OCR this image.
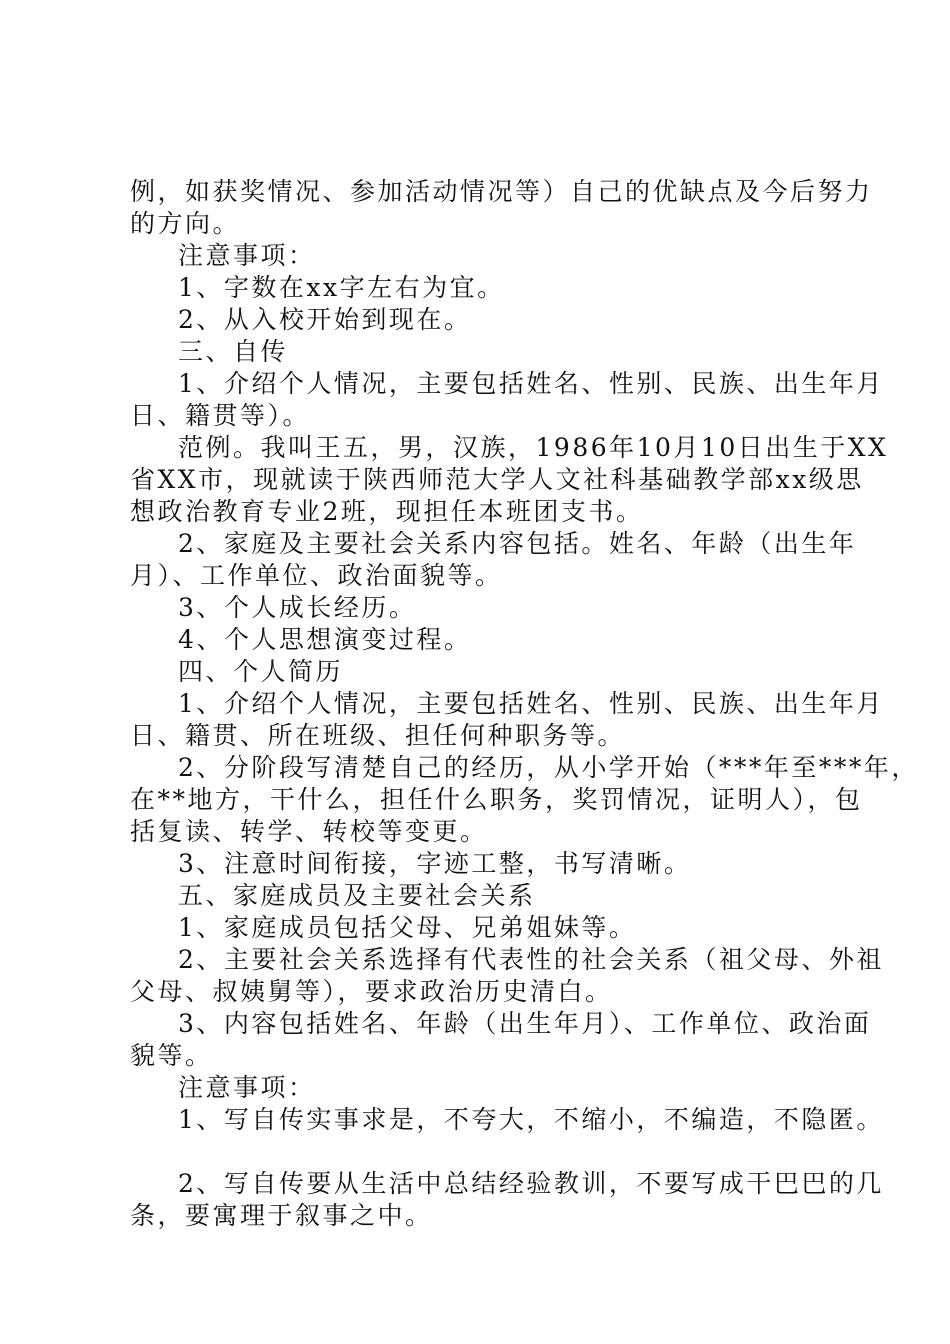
例，如获奖情况、参加活动情况等）自己的优缺点及今后努力
的方向。
注意事项：
1、字数在xx字左右为宜。
2、从入校开始到现在。
三、自传
1、介绍个人情况，主要包括姓名、性别、民族、出生年月
日、籍贯等）。
范例。我叫王五，男，汉族，1986年10月10日出生于XX
省XX市，现就读于陕西师范大学人文社科基础教学部xx级思
想政治教育专业2班，现担任本班团支书。
2、家庭及主要社会关系内容包括。姓名、年龄（出生年
月）、工作单位、政治面貌等。
3、个人成长经历。
4、个人思想演变过程。
四、个人简历
1、介绍个人情况，主要包括姓名、性别、民族、出生年月
日、籍贯、所在班级、担任何种职务等。
2、分阶段写清楚自己的经历，从小学开始（***年至***年，
在**地方，干什么，担任什么职务，奖罚情况，证明人），包
括复读、转学、转校等变更。
3、注意时间衔接，字迹工整，书写清晰。
五、家庭成员及主要社会关系
1、家庭成员包括父母、兄弟姐妹等。
2、主要社会关系选择有代表性的社会关系（祖父母、外祖
父母、叔姨舅等），要求政治历史清白。
3、内容包括姓名、年龄（出生年月）、工作单位、政治面
貌等。
注意事项：
1、写自传实事求是，不夸大，不缩小，不编造，不隐匿。
2、写自传要从生活中总结经验教训，不要写成干巴巴的几
条，要寓理于叙事之中。
